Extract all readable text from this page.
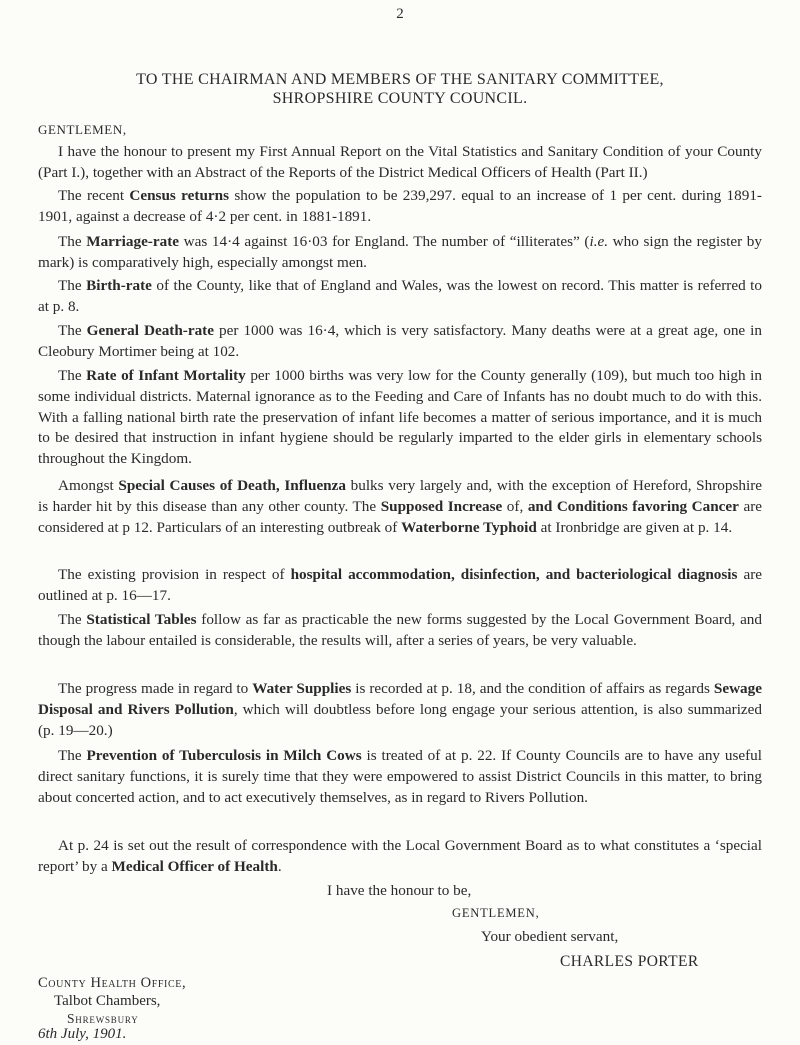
2
TO THE CHAIRMAN AND MEMBERS OF THE SANITARY COMMITTEE,
SHROPSHIRE COUNTY COUNCIL.
GENTLEMEN,

I have the honour to present my First Annual Report on the Vital Statistics and Sanitary Condition of your County (Part I.), together with an Abstract of the Reports of the District Medical Officers of Health (Part II.)

The recent Census returns show the population to be 239,297. equal to an increase of 1 per cent. during 1891-1901, against a decrease of 4·2 per cent. in 1881-1891.

The Marriage-rate was 14·4 against 16·03 for England. The number of “illiterates” (i.e. who sign the register by mark) is comparatively high, especially amongst men.

The Birth-rate of the County, like that of England and Wales, was the lowest on record. This matter is referred to at p. 8.

The General Death-rate per 1000 was 16·4, which is very satisfactory. Many deaths were at a great age, one in Cleobury Mortimer being at 102.

The Rate of Infant Mortality per 1000 births was very low for the County generally (109), but much too high in some individual districts. Maternal ignorance as to the Feeding and Care of Infants has no doubt much to do with this. With a falling national birth rate the preservation of infant life becomes a matter of serious importance, and it is much to be desired that instruction in infant hygiene should be regularly imparted to the elder girls in elementary schools throughout the Kingdom.

Amongst Special Causes of Death, Influenza bulks very largely and, with the exception of Hereford, Shropshire is harder hit by this disease than any other county. The Supposed Increase of, and Conditions favoring Cancer are considered at p 12. Particulars of an interesting outbreak of Waterborne Typhoid at Ironbridge are given at p. 14.

The existing provision in respect of hospital accommodation, disinfection, and bacteriological diagnosis are outlined at p. 16—17.

The Statistical Tables follow as far as practicable the new forms suggested by the Local Government Board, and though the labour entailed is considerable, the results will, after a series of years, be very valuable.

The progress made in regard to Water Supplies is recorded at p. 18, and the condition of affairs as regards Sewage Disposal and Rivers Pollution, which will doubtless before long engage your serious attention, is also summarized (p. 19—20.)

The Prevention of Tuberculosis in Milch Cows is treated of at p. 22. If County Councils are to have any useful direct sanitary functions, it is surely time that they were empowered to assist District Councils in this matter, to bring about concerted action, and to act executively themselves, as in regard to Rivers Pollution.

At p. 24 is set out the result of correspondence with the Local Government Board as to what constitutes a ‘special report’ by a Medical Officer of Health.

I have the honour to be,
GENTLEMEN,
Your obedient servant,
CHARLES PORTER
County Health Office,
Talbot Chambers,
Shrewsbury
6th July, 1901.
